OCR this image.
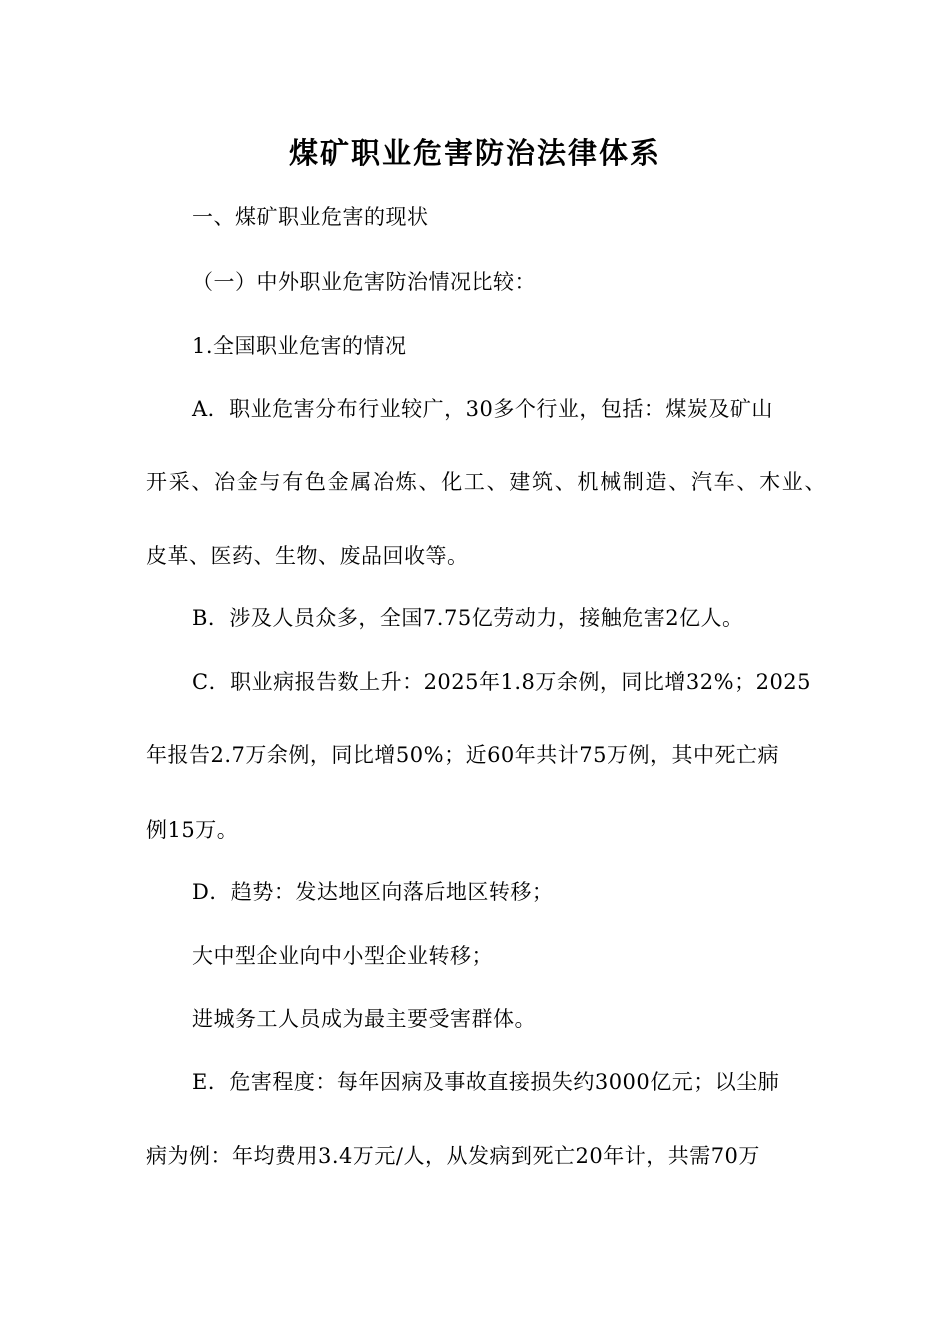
煤矿职业危害防治法律体系
一、煤矿职业危害的现状
（一）中外职业危害防治情况比较：
1.全国职业危害的情况
A．职业危害分布行业较广，30多个行业，包括：煤炭及矿山
开采、冶金与有色金属冶炼、化工、建筑、机械制造、汽车、木业、
皮革、医药、生物、废品回收等。
B．涉及人员众多，全国7.75亿劳动力，接触危害2亿人。
C．职业病报告数上升：2025年1.8万余例，同比增32%；2025
年报告2.7万余例，同比增50%；近60年共计75万例，其中死亡病
例15万。
D．趋势：发达地区向落后地区转移；
大中型企业向中小型企业转移；
进城务工人员成为最主要受害群体。
E．危害程度：每年因病及事故直接损失约3000亿元；以尘肺
病为例：年均费用3.4万元/人，从发病到死亡20年计，共需70万
